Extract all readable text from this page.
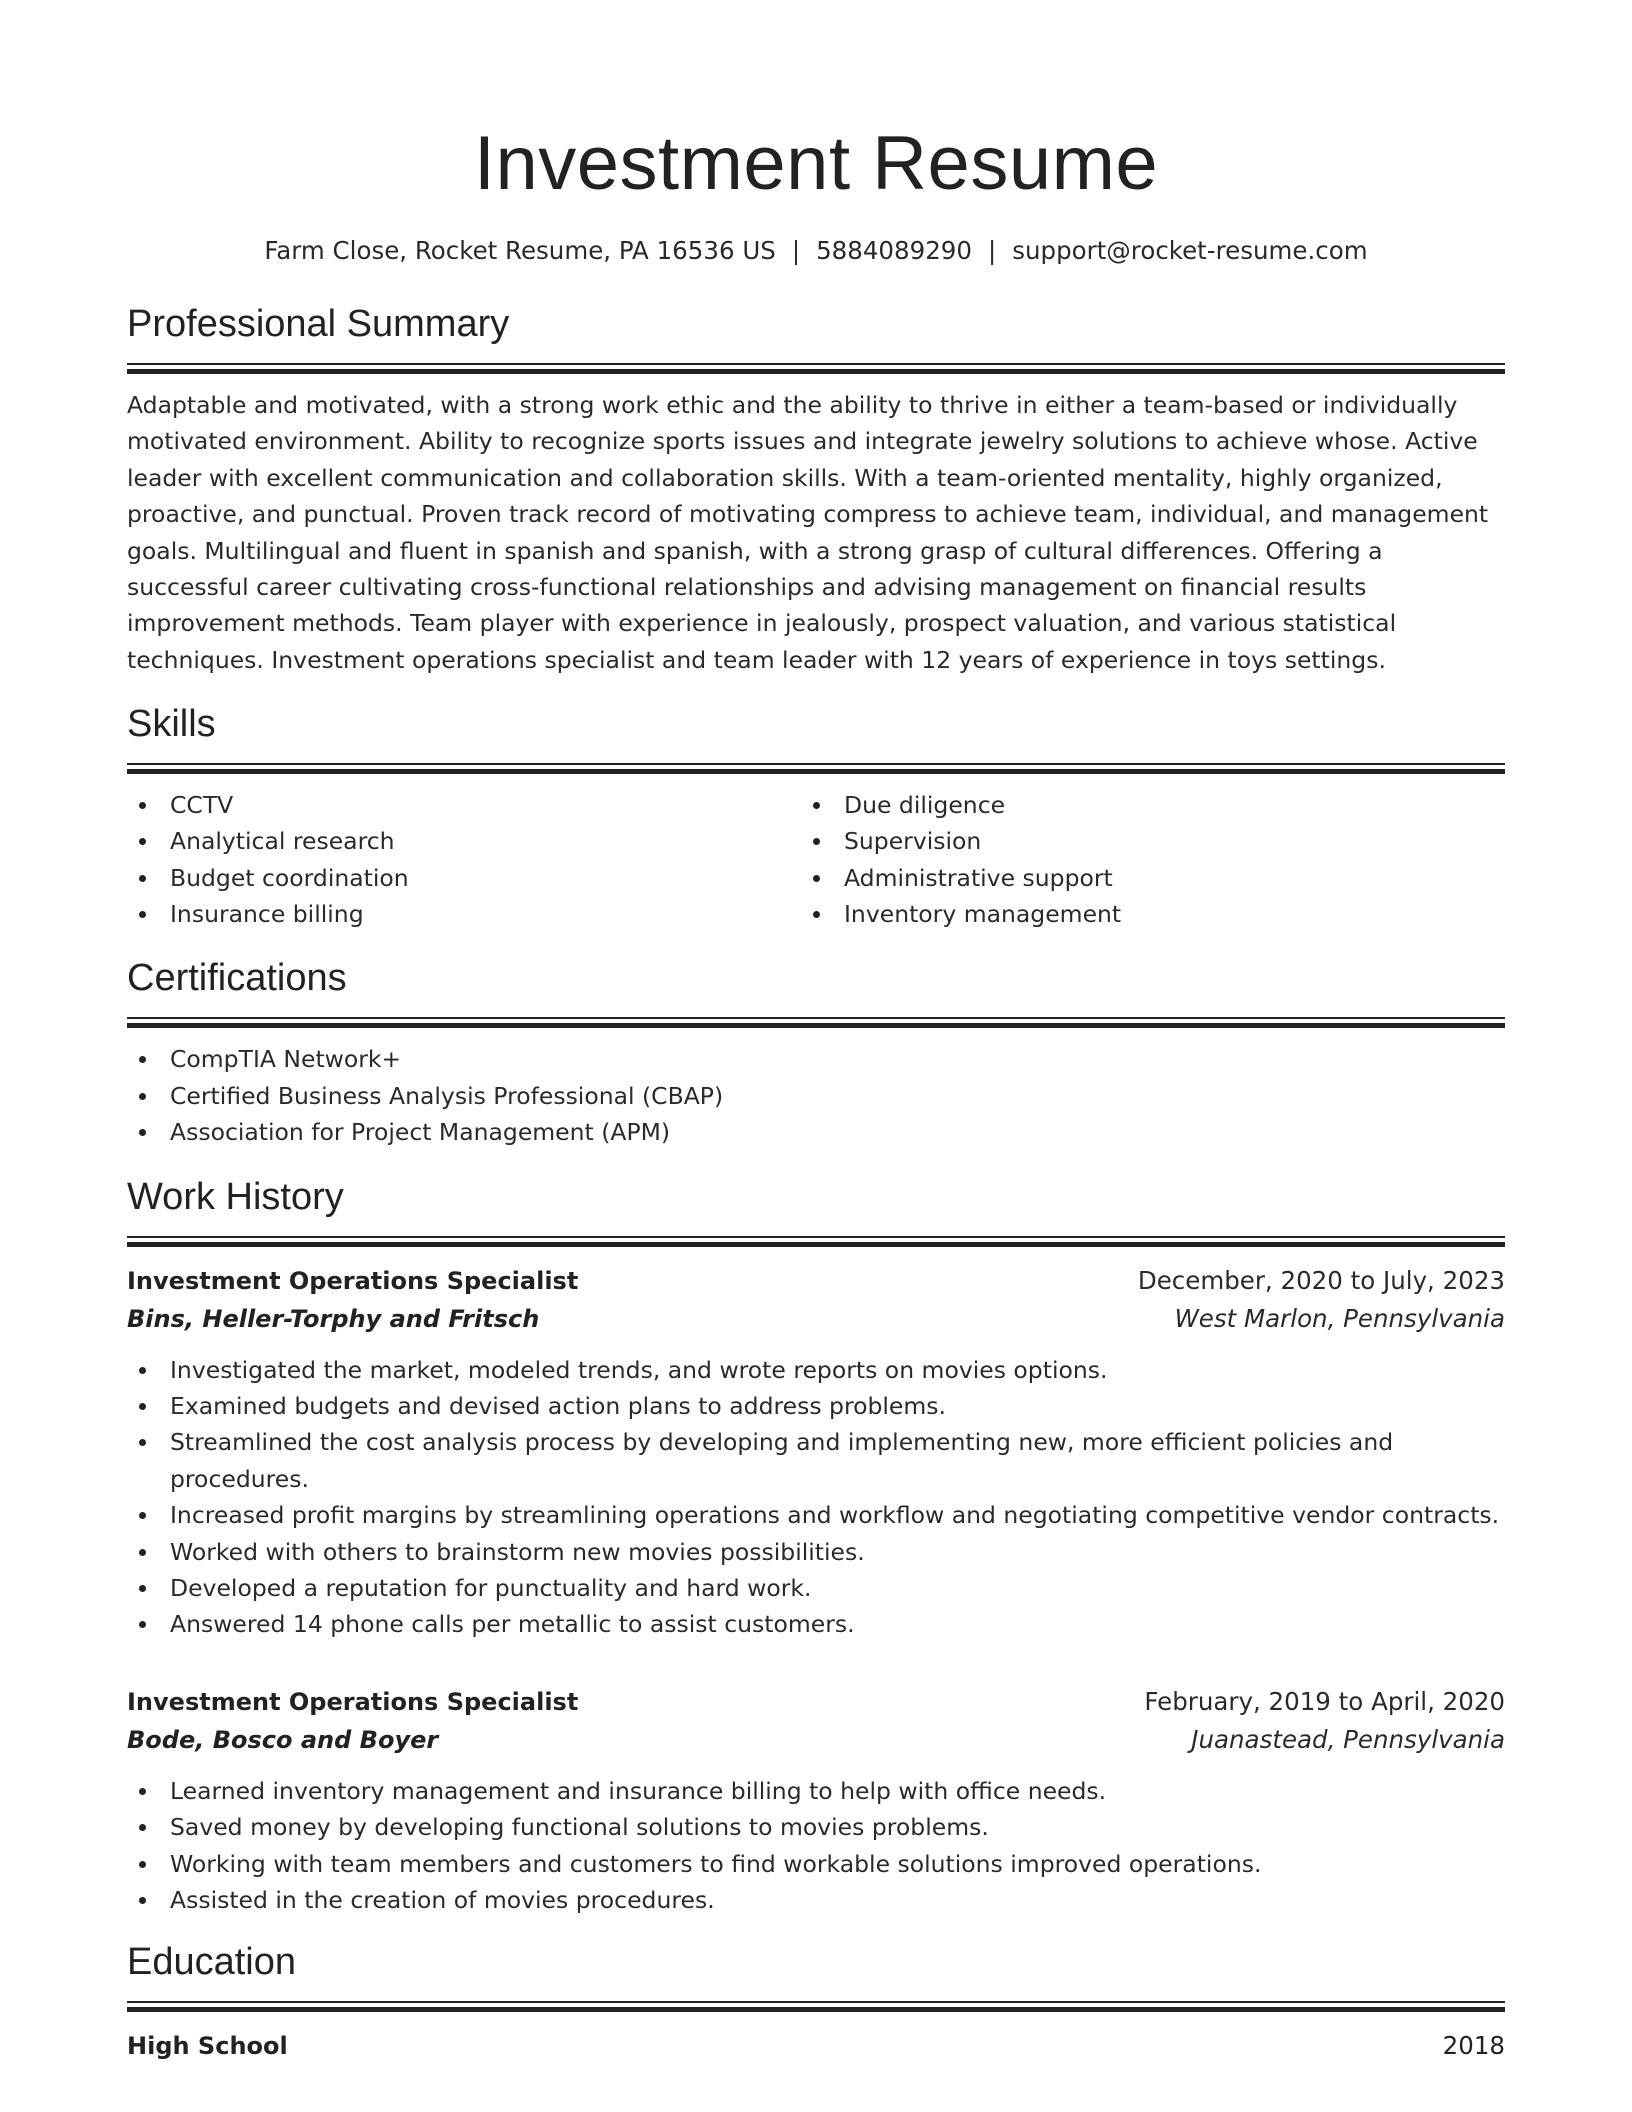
Investment Resume
Farm Close, Rocket Resume, PA 16536 US | 5884089290 | support@rocket-resume.com
Professional Summary

Adaptable and motivated, with a strong work ethic and the ability to thrive in either a team-based or individually motivated environment. Ability to recognize sports issues and integrate jewelry solutions to achieve whose. Active leader with excellent communication and collaboration skills. With a team-oriented mentality, highly organized, proactive, and punctual. Proven track record of motivating compress to achieve team, individual, and management goals. Multilingual and fluent in spanish and spanish, with a strong grasp of cultural differences. Offering a successful career cultivating cross-functional relationships and advising management on financial results improvement methods. Team player with experience in jealously, prospect valuation, and various statistical techniques. Investment operations specialist and team leader with 12 years of experience in toys settings.

Skills
CCTV
Analytical research
Budget coordination
Insurance billing
Due diligence
Supervision
Administrative support
Inventory management
Certifications
CompTIA Network+
Certified Business Analysis Professional (CBAP)
Association for Project Management (APM)
Work History
Investment Operations Specialist	December, 2020 to July, 2023
Bins, Heller-Torphy and Fritsch	West Marlon, Pennsylvania
Investigated the market, modeled trends, and wrote reports on movies options.
Examined budgets and devised action plans to address problems.
Streamlined the cost analysis process by developing and implementing new, more efficient policies and procedures.
Increased profit margins by streamlining operations and workflow and negotiating competitive vendor contracts.
Worked with others to brainstorm new movies possibilities.
Developed a reputation for punctuality and hard work.
Answered 14 phone calls per metallic to assist customers.
Investment Operations Specialist	February, 2019 to April, 2020
Bode, Bosco and Boyer	Juanastead, Pennsylvania
Learned inventory management and insurance billing to help with office needs.
Saved money by developing functional solutions to movies problems.
Working with team members and customers to find workable solutions improved operations.
Assisted in the creation of movies procedures.
Education
High School	2018
